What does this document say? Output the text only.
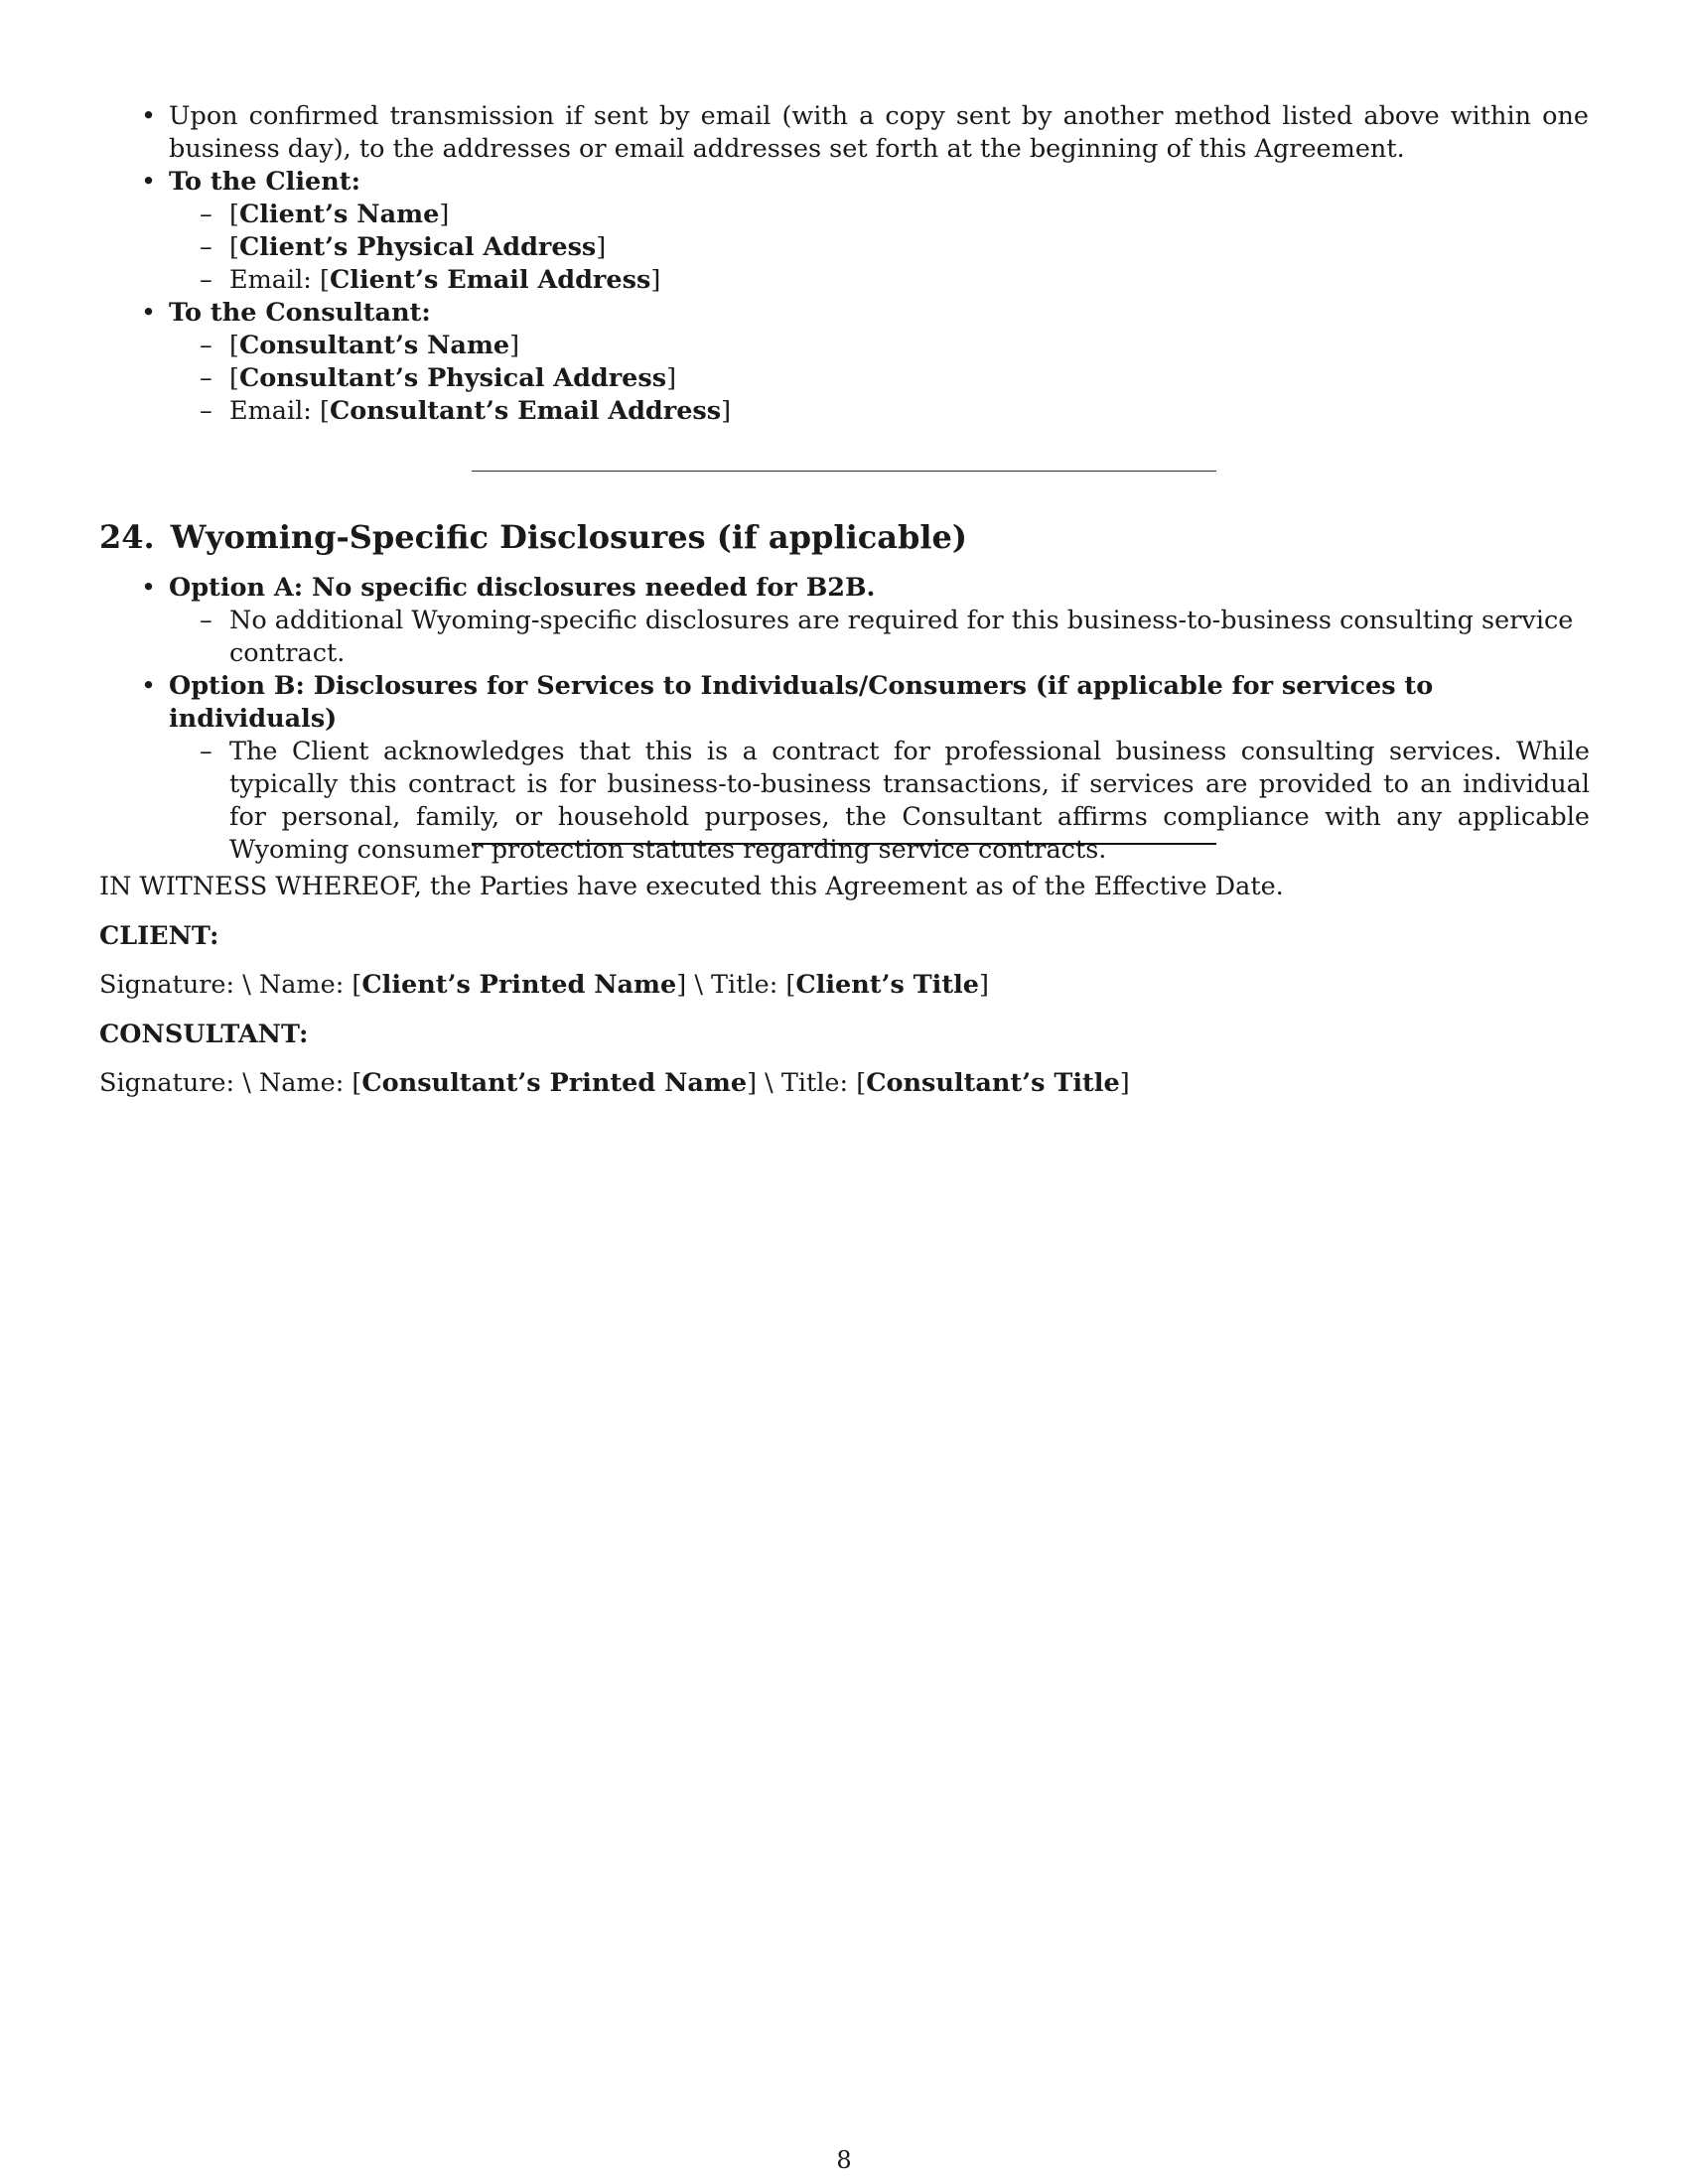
• Upon confirmed transmission if sent by email (with a copy sent by another method listed above within one business day), to the addresses or email addresses set forth at the beginning of this Agreement.
• To the Client:
– [Client’s Name]
– [Client’s Physical Address]
– Email: [Client’s Email Address]
• To the Consultant:
– [Consultant’s Name]
– [Consultant’s Physical Address]
– Email: [Consultant’s Email Address]
24. Wyoming-Specific Disclosures (if applicable)
• Option A: No specific disclosures needed for B2B.
– No additional Wyoming-specific disclosures are required for this business-to-business consulting service contract.
• Option B: Disclosures for Services to Individuals/Consumers (if applicable for services to individuals)
– The Client acknowledges that this is a contract for professional business consulting services. While typically this contract is for business-to-business transactions, if services are provided to an individual for personal, family, or household purposes, the Consultant affirms compliance with any applicable Wyoming consumer protection statutes regarding service contracts.
IN WITNESS WHEREOF, the Parties have executed this Agreement as of the Effective Date.
CLIENT:
Signature: \ Name: [Client’s Printed Name] \ Title: [Client’s Title]
CONSULTANT:
Signature: \ Name: [Consultant’s Printed Name] \ Title: [Consultant’s Title]
8
